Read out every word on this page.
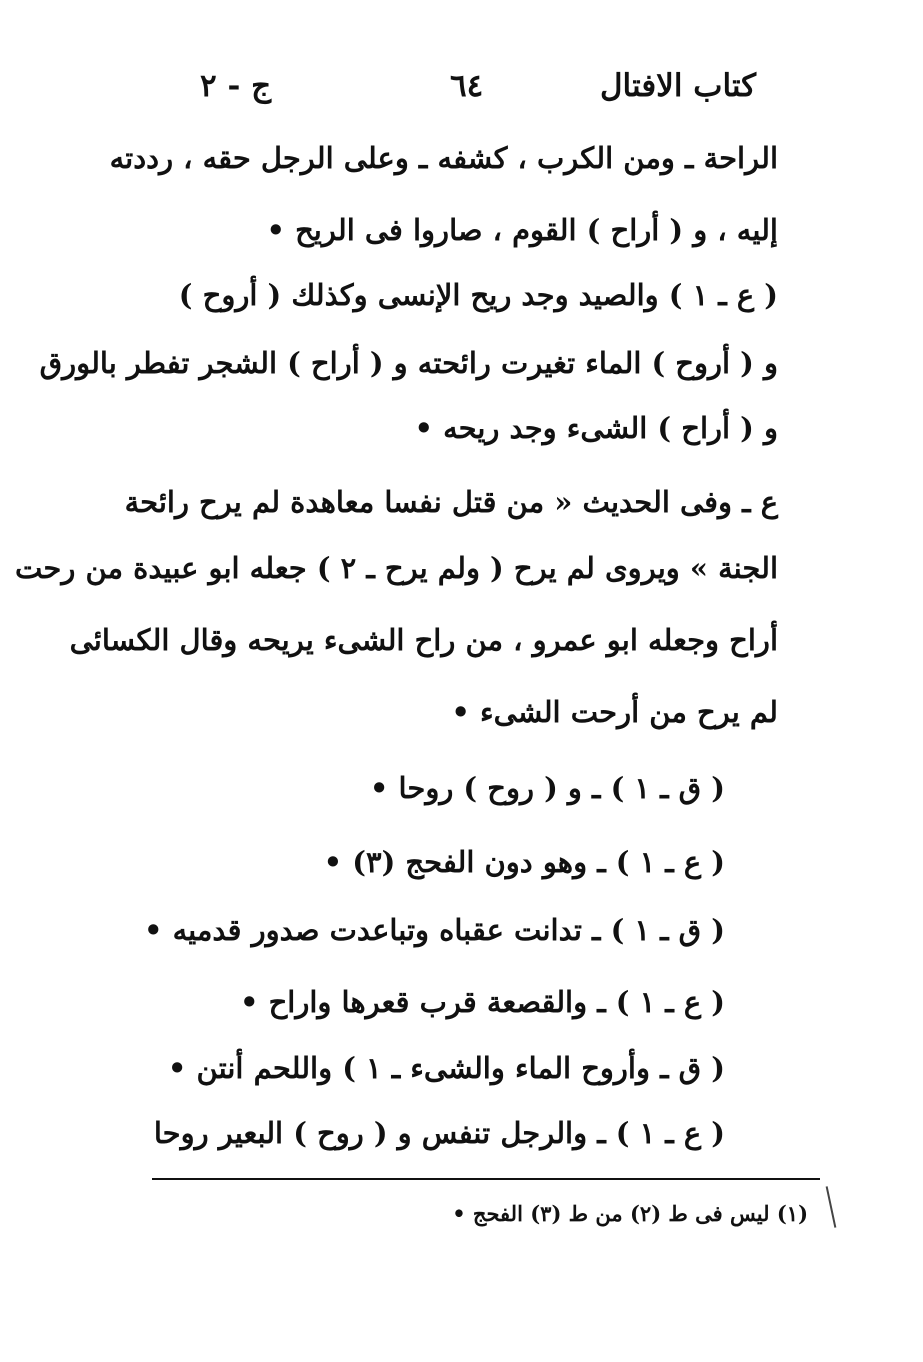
كتاب الافتال
٦٤
ج - ٢
الراحة ـ ومن الكرب ، كشفه ـ وعلى الرجل حقه ، رددته
إليه ، و ( أراح ) القوم ، صاروا فى الريح •
( ع ـ ١ ) والصيد وجد ريح الإنسى وكذلك ( أروح )
و ( أروح ) الماء تغيرت رائحته و ( أراح ) الشجر تفطر بالورق
و ( أراح ) الشىء وجد ريحه •
ع ـ وفى الحديث « من قتل نفسا معاهدة لم يرح رائحة
الجنة » ويروى لم يرح ( ولم يرح ـ ٢ ) جعله ابو عبيدة من رحت
أراح وجعله ابو عمرو ، من راح الشىء يريحه وقال الكسائى
لم يرح من أرحت الشىء •
( ق ـ ١ ) ـ و ( روح ) روحا •
( ع ـ ١ ) ـ وهو دون الفحج (٣) •
( ق ـ ١ ) ـ تدانت عقباه وتباعدت صدور قدميه •
( ع ـ ١ ) ـ والقصعة قرب قعرها واراح •
( ق ـ وأروح الماء والشىء ـ ١ ) واللحم أنتن •
( ع ـ ١ ) ـ والرجل تنفس و ( روح ) البعير روحا
(١) ليس فى ط (٢) من ط (٣) الفحج •
